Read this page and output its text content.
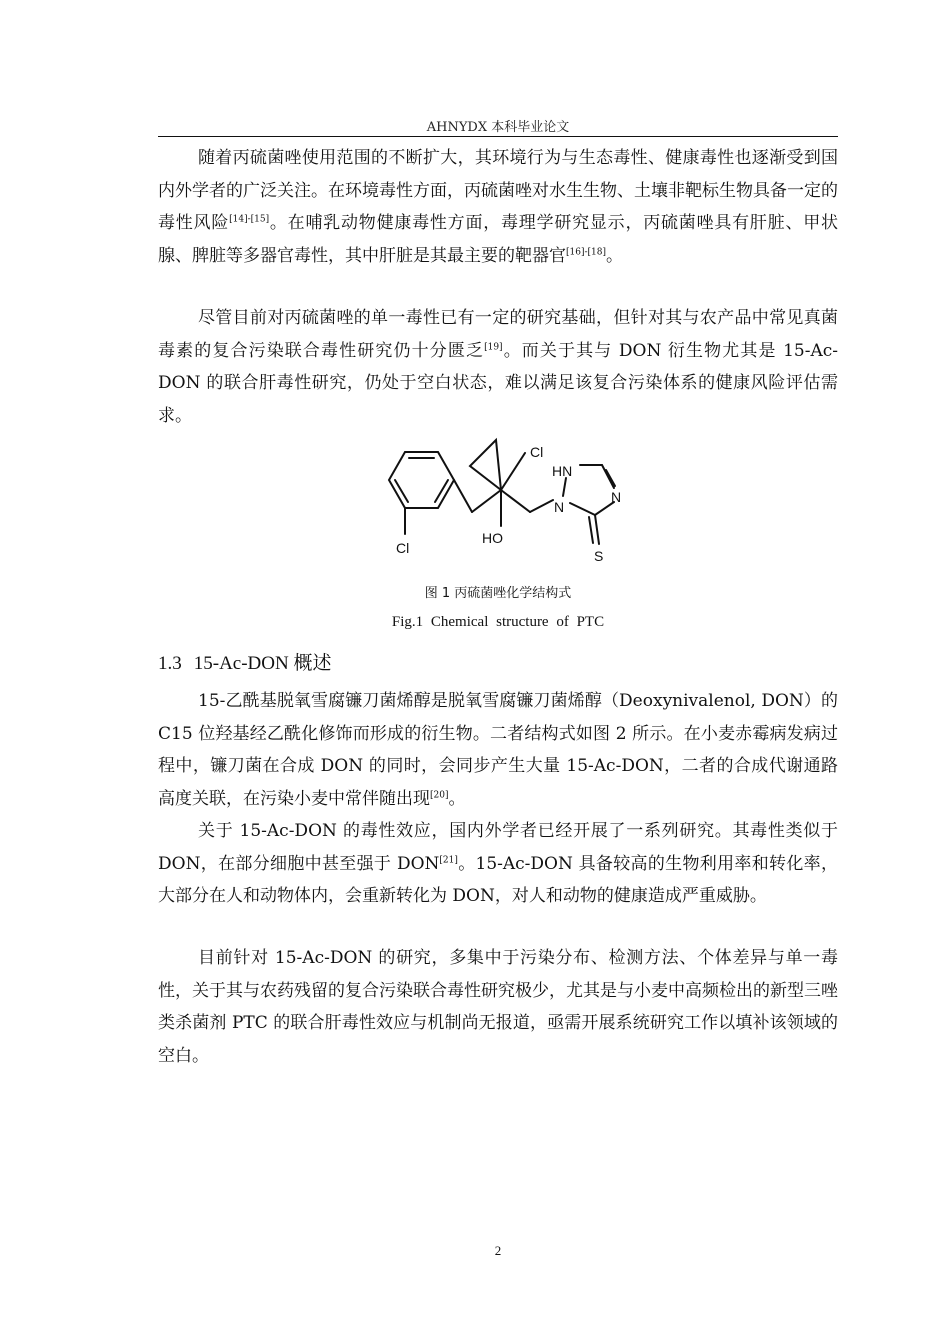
AHNYDX 本科毕业论文

随着丙硫菌唑使用范围的不断扩大，其环境行为与生态毒性、健康毒性也逐渐受到国内外学者的广泛关注。在环境毒性方面，丙硫菌唑对水生生物、土壤非靶标生物具备一定的毒性风险[14]-[15]。在哺乳动物健康毒性方面，毒理学研究显示，丙硫菌唑具有肝脏、甲状腺、脾脏等多器官毒性，其中肝脏是其最主要的靶器官[16]-[18]。

尽管目前对丙硫菌唑的单一毒性已有一定的研究基础，但针对其与农产品中常见真菌毒素的复合污染联合毒性研究仍十分匮乏[19]。而关于其与 DON 衍生物尤其是 15-Ac-DON 的联合肝毒性研究，仍处于空白状态，难以满足该复合污染体系的健康风险评估需求。

Cl
Cl
HN
N
N
HO
S
图 1 丙硫菌唑化学结构式
Fig.1 Chemical structure of PTC
1.3 15-Ac-DON 概述

15-乙酰基脱氧雪腐镰刀菌烯醇是脱氧雪腐镰刀菌烯醇（Deoxynivalenol, DON）的 C15 位羟基经乙酰化修饰而形成的衍生物。二者结构式如图 2 所示。在小麦赤霉病发病过程中，镰刀菌在合成 DON 的同时，会同步产生大量 15-Ac-DON，二者的合成代谢通路高度关联，在污染小麦中常伴随出现[20]。

关于 15-Ac-DON 的毒性效应，国内外学者已经开展了一系列研究。其毒性类似于 DON，在部分细胞中甚至强于 DON[21]。15-Ac-DON 具备较高的生物利用率和转化率，大部分在人和动物体内，会重新转化为 DON，对人和动物的健康造成严重威胁。

目前针对 15-Ac-DON 的研究，多集中于污染分布、检测方法、个体差异与单一毒性，关于其与农药残留的复合污染联合毒性研究极少，尤其是与小麦中高频检出的新型三唑类杀菌剂 PTC 的联合肝毒性效应与机制尚无报道，亟需开展系统研究工作以填补该领域的空白。

2
